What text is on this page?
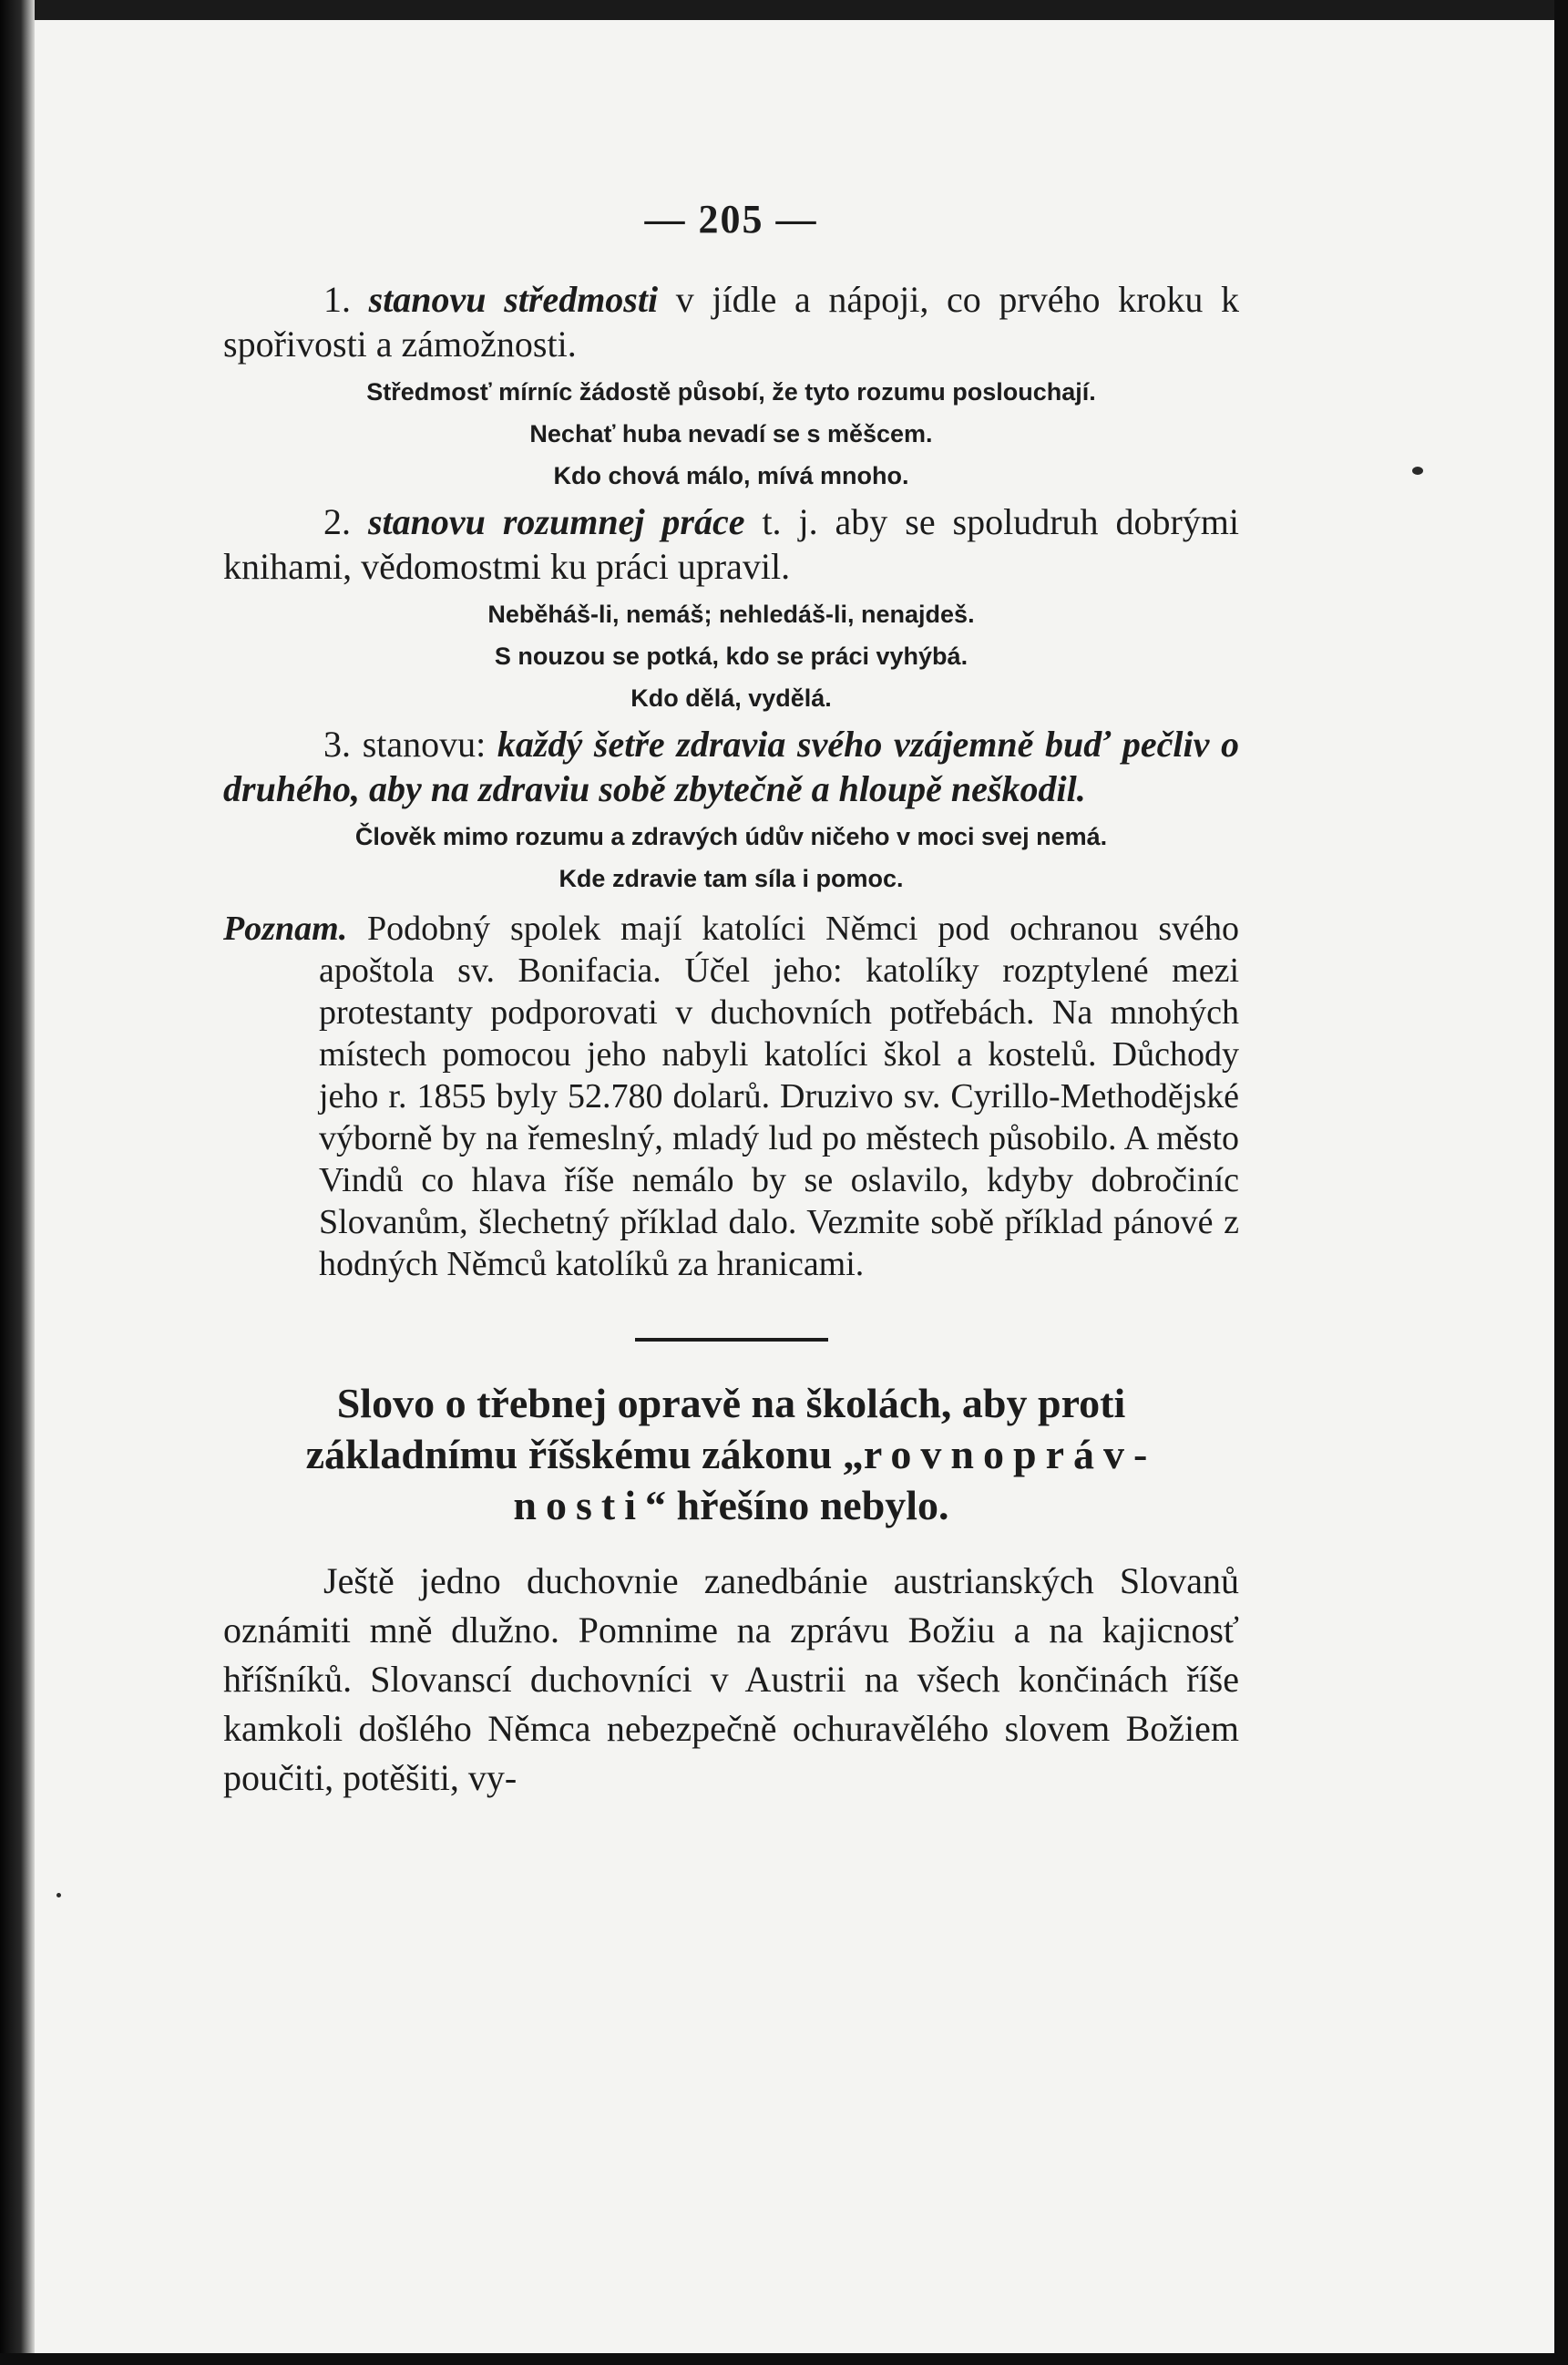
— 205 —

1. stanovu středmosti v jídle a nápoji, co prvého kroku k spořivosti a zámožnosti.

Středmosť mírníc žádostě působí, že tyto rozumu poslouchají.

Nechať huba nevadí se s měšcem.

Kdo chová málo, mívá mnoho.

2. stanovu rozumnej práce t. j. aby se spoludruh dobrými knihami, vědomostmi ku práci upravil.

Neběháš-li, nemáš; nehledáš-li, nenajdeš.

S nouzou se potká, kdo se práci vyhýbá.

Kdo dělá, vydělá.

3. stanovu: každý šetře zdravia svého vzájemně buď pečliv o druhého, aby na zdraviu sobě zbytečně a hloupě neškodil.

Člověk mimo rozumu a zdravých údův ničeho v moci svej nemá.

Kde zdravie tam síla i pomoc.

Poznam. Podobný spolek mají katolíci Němci pod ochranou svého apoštola sv. Bonifacia. Účel jeho: katolíky rozptylené mezi protestanty podporovati v duchovních potřebách. Na mnohých místech pomocou jeho nabyli katolíci škol a kostelů. Důchody jeho r. 1855 byly 52.780 dolarů. Druzivo sv. Cyrillo-Methodějské výborně by na řemeslný, mladý lud po městech působilo. A město Vindů co hlava říše nemálo by se oslavilo, kdyby dobročiníc Slovanům, šlechetný příklad dalo. Vezmite sobě příklad pánové z hodných Němců katolíků za hranicami.

Slovo o třebnej opravě na školách, aby proti
základnímu říšskému zákonu „rovnopráv-
nosti“ hřešíno nebylo.

Ještě jedno duchovnie zanedbánie austrianských Slovanů oznámiti mně dlužno. Pomnime na zprávu Božiu a na kajicnosť hříšníků. Slovanscí duchovníci v Austrii na všech končinách říše kamkoli došlého Němca nebezpečně ochuravělého slovem Božiem poučiti, potěšiti, vy-
